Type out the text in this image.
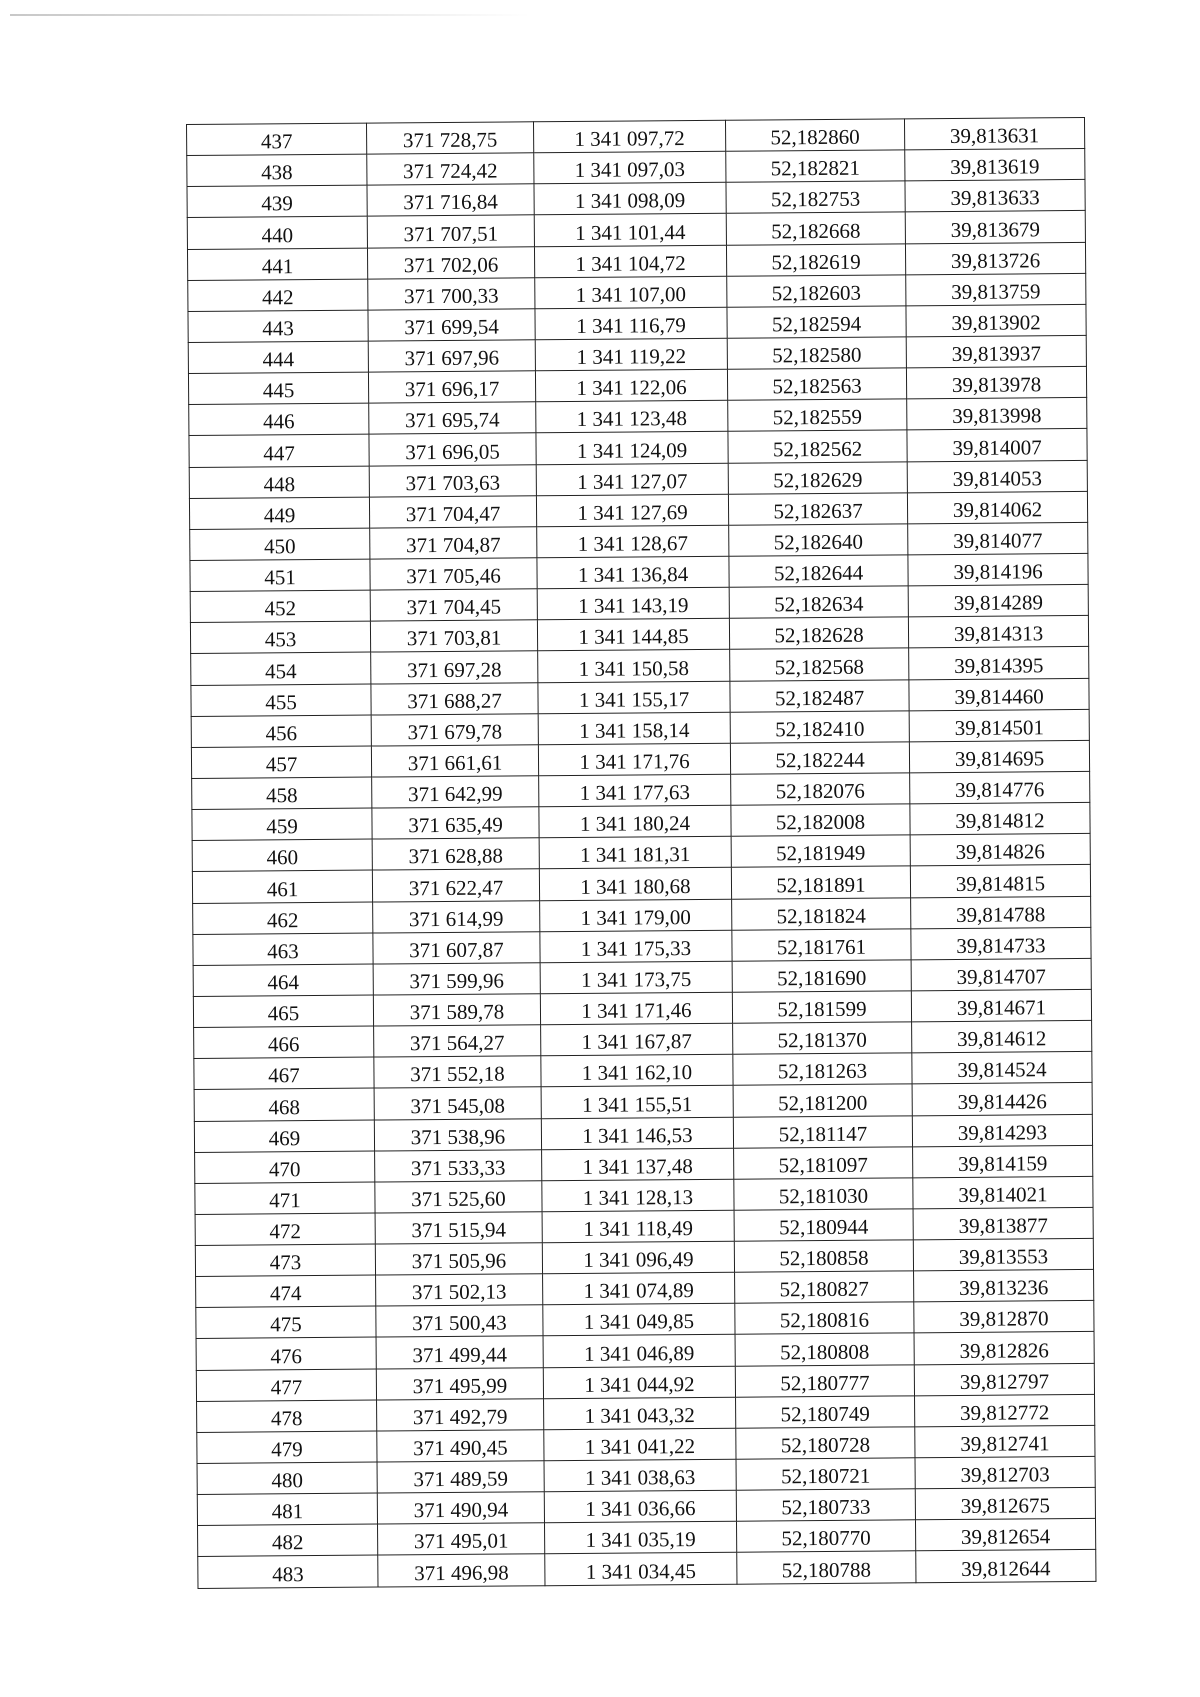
437	371 728,75	1 341 097,72	52,182860	39,813631
438	371 724,42	1 341 097,03	52,182821	39,813619
439	371 716,84	1 341 098,09	52,182753	39,813633
440	371 707,51	1 341 101,44	52,182668	39,813679
441	371 702,06	1 341 104,72	52,182619	39,813726
442	371 700,33	1 341 107,00	52,182603	39,813759
443	371 699,54	1 341 116,79	52,182594	39,813902
444	371 697,96	1 341 119,22	52,182580	39,813937
445	371 696,17	1 341 122,06	52,182563	39,813978
446	371 695,74	1 341 123,48	52,182559	39,813998
447	371 696,05	1 341 124,09	52,182562	39,814007
448	371 703,63	1 341 127,07	52,182629	39,814053
449	371 704,47	1 341 127,69	52,182637	39,814062
450	371 704,87	1 341 128,67	52,182640	39,814077
451	371 705,46	1 341 136,84	52,182644	39,814196
452	371 704,45	1 341 143,19	52,182634	39,814289
453	371 703,81	1 341 144,85	52,182628	39,814313
454	371 697,28	1 341 150,58	52,182568	39,814395
455	371 688,27	1 341 155,17	52,182487	39,814460
456	371 679,78	1 341 158,14	52,182410	39,814501
457	371 661,61	1 341 171,76	52,182244	39,814695
458	371 642,99	1 341 177,63	52,182076	39,814776
459	371 635,49	1 341 180,24	52,182008	39,814812
460	371 628,88	1 341 181,31	52,181949	39,814826
461	371 622,47	1 341 180,68	52,181891	39,814815
462	371 614,99	1 341 179,00	52,181824	39,814788
463	371 607,87	1 341 175,33	52,181761	39,814733
464	371 599,96	1 341 173,75	52,181690	39,814707
465	371 589,78	1 341 171,46	52,181599	39,814671
466	371 564,27	1 341 167,87	52,181370	39,814612
467	371 552,18	1 341 162,10	52,181263	39,814524
468	371 545,08	1 341 155,51	52,181200	39,814426
469	371 538,96	1 341 146,53	52,181147	39,814293
470	371 533,33	1 341 137,48	52,181097	39,814159
471	371 525,60	1 341 128,13	52,181030	39,814021
472	371 515,94	1 341 118,49	52,180944	39,813877
473	371 505,96	1 341 096,49	52,180858	39,813553
474	371 502,13	1 341 074,89	52,180827	39,813236
475	371 500,43	1 341 049,85	52,180816	39,812870
476	371 499,44	1 341 046,89	52,180808	39,812826
477	371 495,99	1 341 044,92	52,180777	39,812797
478	371 492,79	1 341 043,32	52,180749	39,812772
479	371 490,45	1 341 041,22	52,180728	39,812741
480	371 489,59	1 341 038,63	52,180721	39,812703
481	371 490,94	1 341 036,66	52,180733	39,812675
482	371 495,01	1 341 035,19	52,180770	39,812654
483	371 496,98	1 341 034,45	52,180788	39,812644
